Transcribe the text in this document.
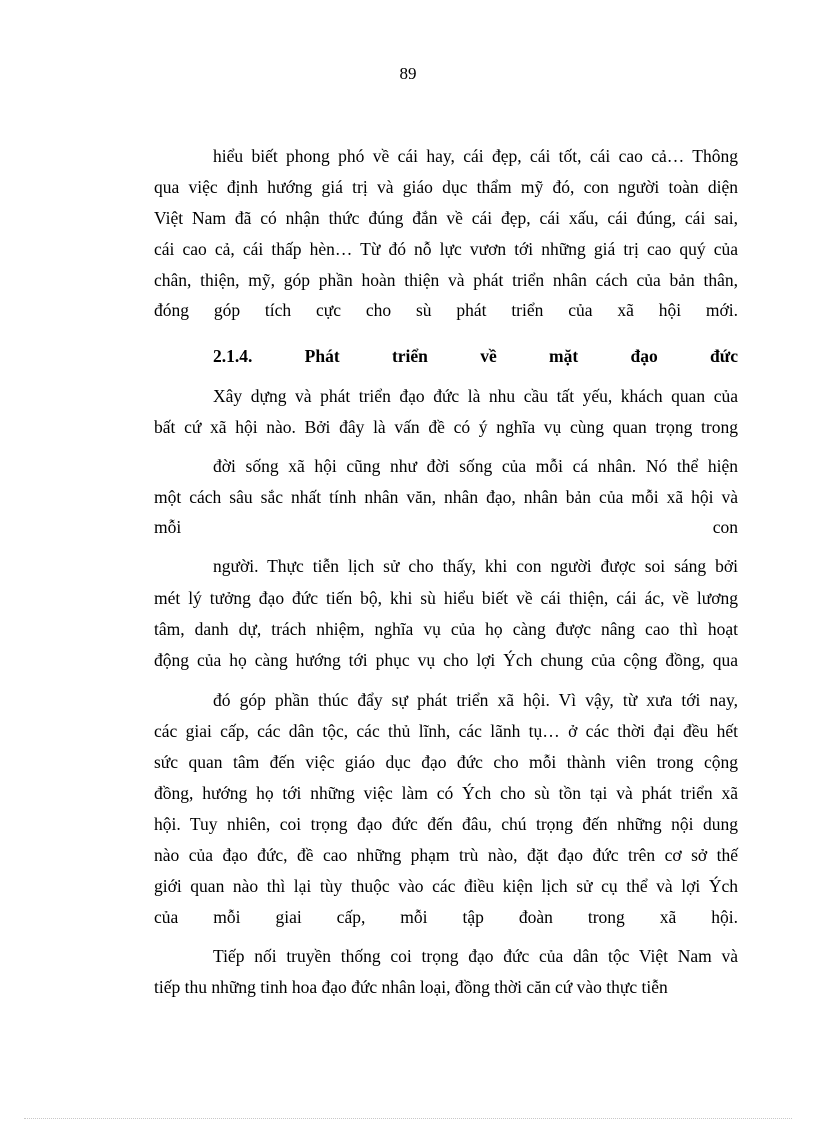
89
hiểu biết phong phó về cái hay, cái đẹp, cái tốt, cái cao cả… Thông
qua việc định hướng giá trị và giáo dục thẩm mỹ đó, con người toàn diện
Việt Nam đã có nhận thức đúng đắn về cái đẹp, cái xấu, cái đúng, cái sai,
cái cao cả, cái thấp hèn… Từ đó nỗ lực vươn tới những giá trị cao quý của
chân, thiện, mỹ, góp phần hoàn thiện và phát triển nhân cách của bản thân,
đóng góp tích cực cho sù phát triển của xã hội mới.
2.1.4. Phát triển về mặt đạo đức
Xây dựng và phát triển đạo đức là nhu cầu tất yếu, khách quan của
bất cứ xã hội nào. Bởi đây là vấn đề có ý nghĩa vụ cùng quan trọng trong
đời sống xã hội cũng như đời sống của mỗi cá nhân. Nó thể hiện
một cách sâu sắc nhất tính nhân văn, nhân đạo, nhân bản của mỗi xã hội và
mỗi con
người. Thực tiễn lịch sử cho thấy, khi con người được soi sáng bởi
mét lý tưởng đạo đức tiến bộ, khi sù hiểu biết về cái thiện, cái ác, về lương
tâm, danh dự, trách nhiệm, nghĩa vụ của họ càng được nâng cao thì hoạt
động của họ càng hướng tới phục vụ cho lợi Ých chung của cộng đồng, qua
đó góp phần thúc đẩy sự phát triển xã hội. Vì vậy, từ xưa tới nay,
các giai cấp, các dân tộc, các thủ lĩnh, các lãnh tụ… ở các thời đại đều hết
sức quan tâm đến việc giáo dục đạo đức cho mỗi thành viên trong cộng
đồng, hướng họ tới những việc làm có Ých cho sù tồn tại và phát triển xã
hội. Tuy nhiên, coi trọng đạo đức đến đâu, chú trọng đến những nội dung
nào của đạo đức, đề cao những phạm trù nào, đặt đạo đức trên cơ sở thế
giới quan nào thì lại tùy thuộc vào các điều kiện lịch sử cụ thể và lợi Ých
của mỗi giai cấp, mỗi tập đoàn trong xã hội.
Tiếp nối truyền thống coi trọng đạo đức của dân tộc Việt Nam và
tiếp thu những tinh hoa đạo đức nhân loại, đồng thời căn cứ vào thực tiễn
